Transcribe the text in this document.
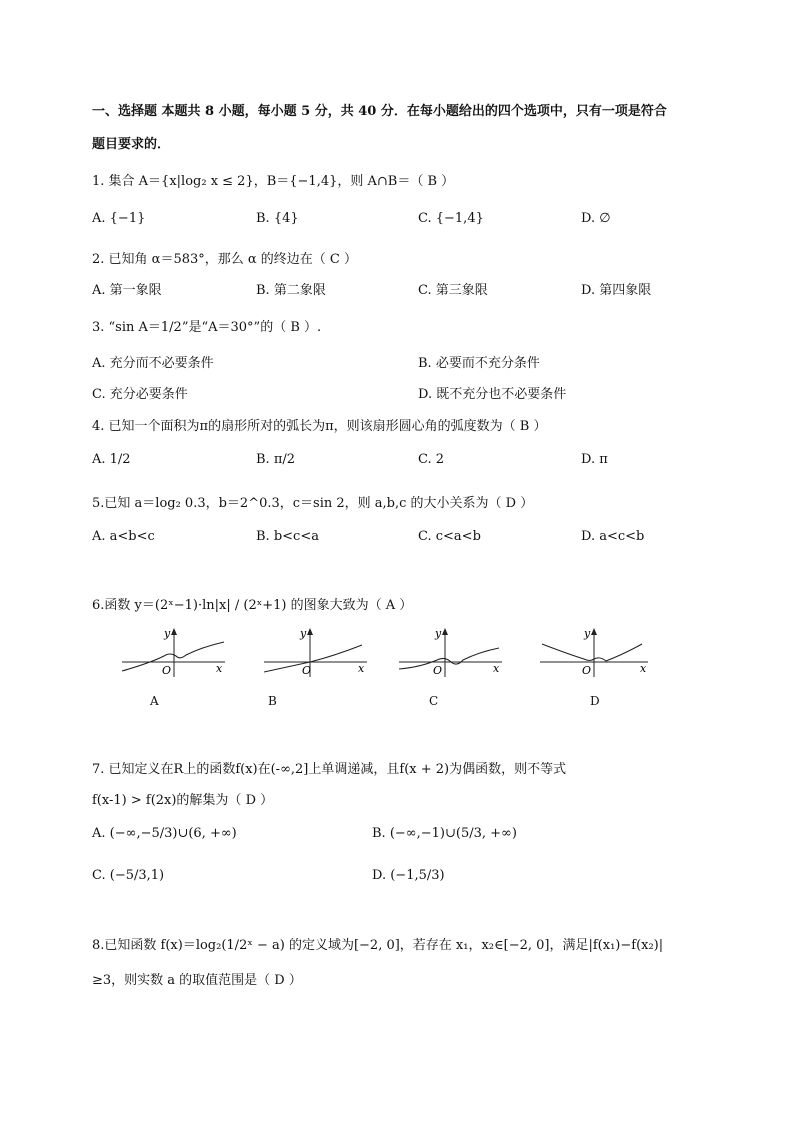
一、选择题 本题共 8 小题，每小题 5 分，共 40 分．在每小题给出的四个选项中，只有一项是符合
题目要求的．
1. 集合 A＝{x|log₂ x ≤ 2}，B＝{−1,4}，则 A∩B＝（ B ）
A. {−1}	B. {4}	C. {−1,4}	D. ∅
2. 已知角 α＝583°，那么 α 的终边在（ C ）
A. 第一象限	B. 第二象限	C. 第三象限	D. 第四象限
3. “sin A＝1/2”是“A＝30°”的（ B ）.
A. 充分而不必要条件	B. 必要而不充分条件
C. 充分必要条件	D. 既不充分也不必要条件
4. 已知一个面积为π的扇形所对的弧长为π，则该扇形圆心角的弧度数为（ B ）
A. 1/2	B. π/2	C. 2	D. π
5.已知 a＝log₂ 0.3，b＝2^0.3，c＝sin 2，则 a,b,c 的大小关系为（ D ）
A. a<b<c	B. b<c<a	C. c<a<b	D. a<c<b
6.函数 y＝(2ˣ−1)·ln|x| / (2ˣ+1) 的图象大致为（ A ）
y
x
O
y
x
O
y
x
O
y
x
O
A	B	C	D
7. 已知定义在R上的函数f(x)在(-∞,2]上单调递减，且f(x + 2)为偶函数，则不等式
f(x-1) > f(2x)的解集为（ D ）
A. (−∞,−5/3)∪(6, +∞)	B. (−∞,−1)∪(5/3, +∞)
C. (−5/3,1)	D. (−1,5/3)
8.已知函数 f(x)＝log₂(1/2ˣ − a) 的定义域为[−2, 0]，若存在 x₁，x₂∈[−2, 0]，满足|f(x₁)−f(x₂)|
≥3，则实数 a 的取值范围是（ D ）
